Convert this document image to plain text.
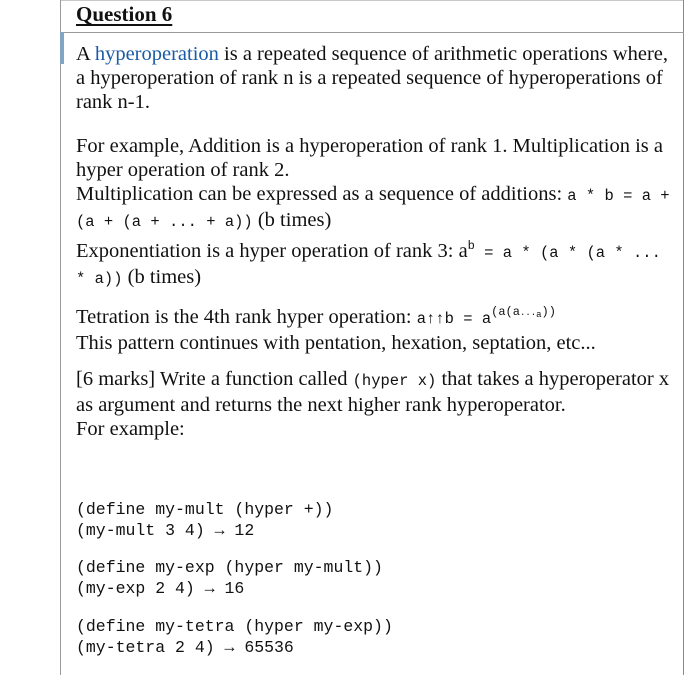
Question 6
A hyperoperation is a repeated sequence of arithmetic operations where, a hyperoperation of rank n is a repeated sequence of hyperoperations of rank n-1.
For example, Addition is a hyperoperation of rank 1. Multiplication is a hyper operation of rank 2.
Multiplication can be expressed as a sequence of additions: a * b = a + (a + (a + ... + a)) (b times)
Exponentiation is a hyper operation of rank 3: $a^b = a * (a * (a$ * ... * a)) (b times)
Tetration is the 4th rank hyper operation: a↑↑b = $a^{(a(a\cdot\cdot\cdot a))}$
This pattern continues with pentation, hexation, septation, etc...
[6 marks] Write a function called (hyper x) that takes a hyperoperator x as argument and returns the next higher rank hyperoperator.
For example:
(define my-mult (hyper +))
(my-mult 3 4) → 12
(define my-exp (hyper my-mult))
(my-exp 2 4) → 16
(define my-tetra (hyper my-exp))
(my-tetra 2 4) → 65536
